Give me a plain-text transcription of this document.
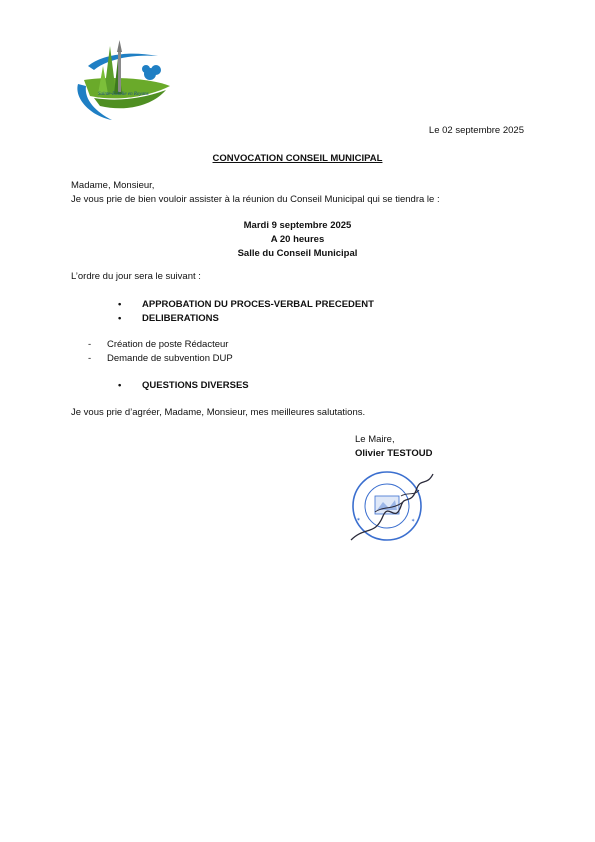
Sainte-Eulalie en Royans
Le 02 septembre 2025
CONVOCATION CONSEIL MUNICIPAL
Madame, Monsieur,
Je vous prie de bien vouloir assister à la réunion du Conseil Municipal qui se tiendra le :
Mardi 9 septembre 2025
A 20 heures
Salle du Conseil Municipal
L’ordre du jour sera le suivant :
• APPROBATION DU PROCES-VERBAL PRECEDENT
• DELIBERATIONS
- Création de poste Rédacteur
- Demande de subvention DUP
• QUESTIONS DIVERSES
Je vous prie d’agréer, Madame, Monsieur, mes meilleures salutations.
Le Maire,
Olivier TESTOUD
✶	✶
